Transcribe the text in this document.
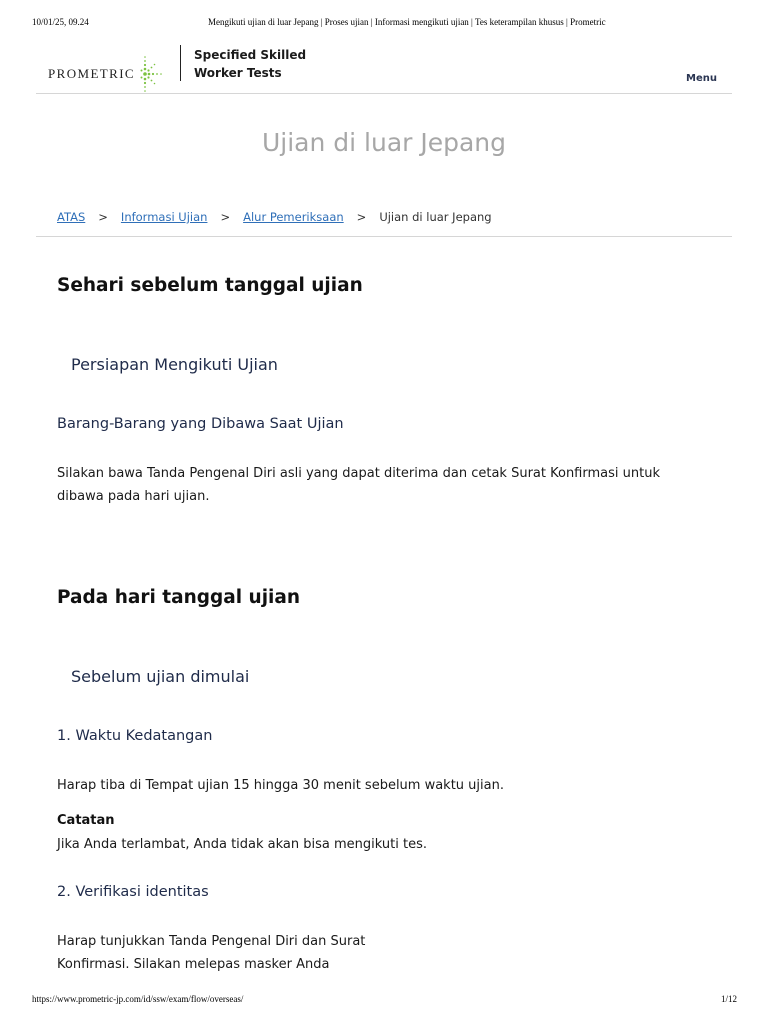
10/01/25, 09.24	Mengikuti ujian di luar Jepang | Proses ujian | Informasi mengikuti ujian | Tes keterampilan khusus | Prometric
PROMETRIC
Specified Skilled
Worker Tests	Menu
Ujian di luar Jepang
ATAS > Informasi Ujian > Alur Pemeriksaan > Ujian di luar Jepang
Sehari sebelum tanggal ujian
Persiapan Mengikuti Ujian
Barang-Barang yang Dibawa Saat Ujian

Silakan bawa Tanda Pengenal Diri asli yang dapat diterima dan cetak Surat Konfirmasi untuk
dibawa pada hari ujian.

Pada hari tanggal ujian
Sebelum ujian dimulai
1. Waktu Kedatangan

Harap tiba di Tempat ujian 15 hingga 30 menit sebelum waktu ujian.

Catatan

Jika Anda terlambat, Anda tidak akan bisa mengikuti tes.

2. Verifikasi identitas

Harap tunjukkan Tanda Pengenal Diri dan Surat
Konfirmasi. Silakan melepas masker Anda

https://www.prometric-jp.com/id/ssw/exam/flow/overseas/	1/12
